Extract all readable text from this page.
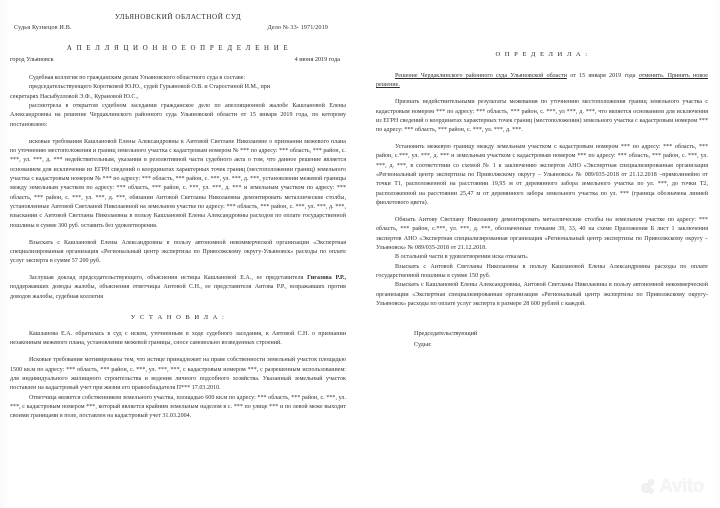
УЛЬЯНОВСКИЙ ОБЛАСТНОЙ СУД
Судья Кузнецов И.В.	Дело № 33- 1971/2019
А П Е Л Л Я Ц И О Н Н О Е О П Р Е Д Е Л Е Н И Е
город Ульяновск	4 июня 2019 года

Судебная коллегия по гражданским делам Ульяновского областного суда в составе:

председательствующего Коротковой Ю.Ю., судей Гурьяновой О.В. и Старостиной И.М., при

секретарях Насыбулловой Э.Ф., Курановой Ю.С.,

рассмотрела в открытом судебном заседании гражданское дело по апелляционной жалобе Кашлановой Елены Александровны на решение Чердаклинского районного суда Ульяновской области от 15 января 2019 года, по которому постановлено:

исковые требования Кашлановой Елены Александровны к Аитовой Светлане Николаевне о признании межевого плана по уточнению местоположения и границ земельного участка с кадастровым номером № *** по адресу: *** область, *** район, с. ***, ул. ***, д. *** недействительным, указании в резолютивной части судебного акта о том, что данное решение является основанием для исключения из ЕГРН сведений о координатах характерных точек границ (местоположении границ) земельного участка с кадастровым номером № *** по адресу: *** область, *** район, с. ***, ул. ***, д. ***, установлении межевой границы между земельным участком по адресу: *** область, *** район, с. ***, ул. ***, д. *** и земельным участком по адресу: *** область, *** район, с. ***, ул. ***, д. ***, обязании Аитовой Светланы Николаевны демонтировать металлические столбы, установленные Аитовой Светланой Николаевной на земельном участке по адресу: *** область, *** район, с. ***, ул. ***, д. ***, взыскании с Аитовой Светланы Николаевны в пользу Кашлановой Елены Александровны расходов по оплате государственной пошлины в сумме 300 руб. оставить без удовлетворения.

Взыскать с Кашлановой Елены Александровны в пользу автономной некоммерческой организации «Экспертная специализированная организация «Региональный центр экспертизы по Приволжскому округу-Ульяновск» расходы по оплате услуг эксперта в сумме 57 200 руб.

Заслушав доклад председательствующего, объяснения истицы Кашлановой Е.А., ее представителя Гигазова Р.Р., поддержавших доводы жалобы, объяснения ответчицы Аитовой С.Н., ее представителя Аитова Р.Р., возражавших против доводов жалобы, судебная коллегия

У С Т А Н О В И Л А :

Кашланова Е.А. обратилась в суд с иском, уточненным в ходе судебного заседания, к Аитовой С.Н. о признании незаконным межевого плана, установлении межевой границы, сносе самовольно возведенных строений.

Исковые требования мотивированы тем, что истице принадлежит на праве собственности земельный участок площадью 1500 кв.м по адресу: *** область, *** район, с. ***, ул. ***, ***, с кадастровым номером ***, с разрешенным использованием: для индивидуального жилищного строительства и ведения личного подсобного хозяйства. Указанный земельный участок поставлен на кадастровый учет при жизни его правообладателя П*** 17.03.2010.

Ответчица является собственником земельного участка, площадью 600 кв.м по адресу: *** область, *** район, с. ***, ул. ***, с кадастровым номером ***, который является крайним земельным наделом в с. *** по улице *** и по левой меже выходит своими границами в поле, поставлен на кадастровый учет 31.03.2004.

О П Р Е Д Е Л И Л А :

Решение Чердаклинского районного суда Ульяновской области от 15 января 2019 года отменить. Принять новое решение.

Признать недействительными результаты межевания по уточнению местоположения границ земельного участка с кадастровым номером *** по адресу: *** область, *** район, с. ***, ул ***, д. ***, что является основанием для исключения из ЕГРН сведений о координатах характерных точек границ (местоположении) земельного участка с кадастровым номером *** по адресу: *** область, *** район, с. ***, ул. ***, д. ***.

Установить межевую границу между земельным участком с кадастровым номером *** по адресу: *** область, *** район, с.***, ул. ***, д. *** и земельным участком с кадастровым номером *** по адресу: *** область, *** район, с. ***, ул. ***, д. ***, в соответствии со схемой № 1 к заключению экспертов АНО «Экспертная специализированная организация «Региональный центр экспертизы по Приволжскому округу – Ульяновск» № 089/035-2018 от 21.12.2018 –прямолинейно от точки Т1, расположенной на расстоянии 19,95 м от деревянного забора земельного участка по ул. ***, до точки Т2, расположенной на расстоянии 25,47 м от деревянного забора земельного участка по ул. *** (граница обозначена линией фиолетового цвета).

Обязать Аитову Светлану Николаевну демонтировать металлические столбы на земельном участке по адресу: *** область, *** район, с.***, ул. ***, д. ***, обозначенные точками 39, 33, 40 на схеме Приложения Б лист 1 заключения экспертов АНО «Экспертная специализированная организация «Региональный центр экспертизы по Приволжскому округу – Ульяновск» № 089/035-2018 от 21.12.2018.

В остальной части в удовлетворении иска отказать.

Взыскать с Аитовой Светланы Николаевны в пользу Кашлановой Елены Александровны расходы по оплате государственной пошлины в сумме 150 руб.

Взыскать с Кашлановой Елены Александровны, Аитовой Светланы Николаевны в пользу автономной некоммерческой организации «Экспертная специализированная организация «Региональный центр экспертизы по Приволжскому округу-Ульяновск» расходы по оплате услуг эксперта в размере 28 600 рублей с каждой.

Председательствующий
Судьи:
Avito
